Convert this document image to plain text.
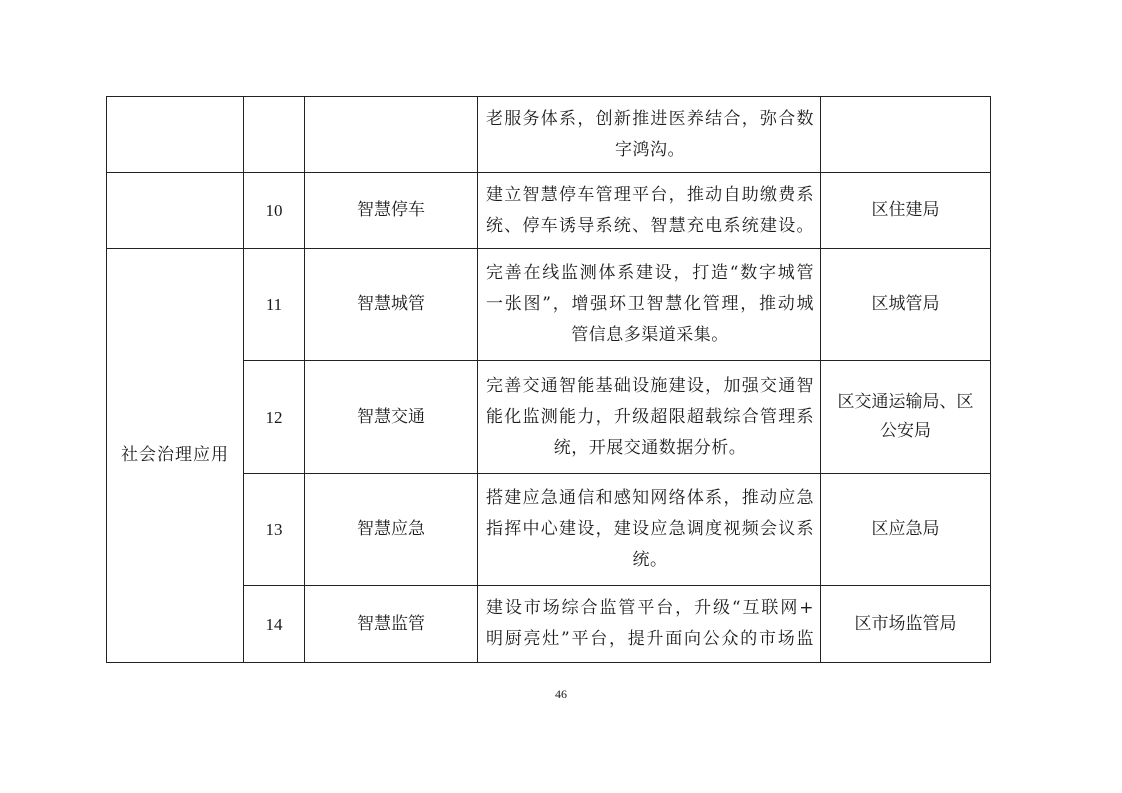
			老服务体系，创新推进医养结合，弥合数
字鸿沟。	

	10	智慧停车	建立智慧停车管理平台，推动自助缴费系
统、停车诱导系统、智慧充电系统建设。	区住建局

社会治理应用	11	智慧城管	完善在线监测体系建设，打造“数字城管
一张图”，增强环卫智慧化管理，推动城
管信息多渠道采集。	区城管局

	12	智慧交通	完善交通智能基础设施建设，加强交通智
能化监测能力，升级超限超载综合管理系
统，开展交通数据分析。	区交通运输局、区
公安局

	13	智慧应急	搭建应急通信和感知网络体系，推动应急
指挥中心建设，建设应急调度视频会议系
统。	区应急局

	14	智慧监管	建设市场综合监管平台，升级“互联网+
明厨亮灶”平台，提升面向公众的市场监	区市场监管局
46
